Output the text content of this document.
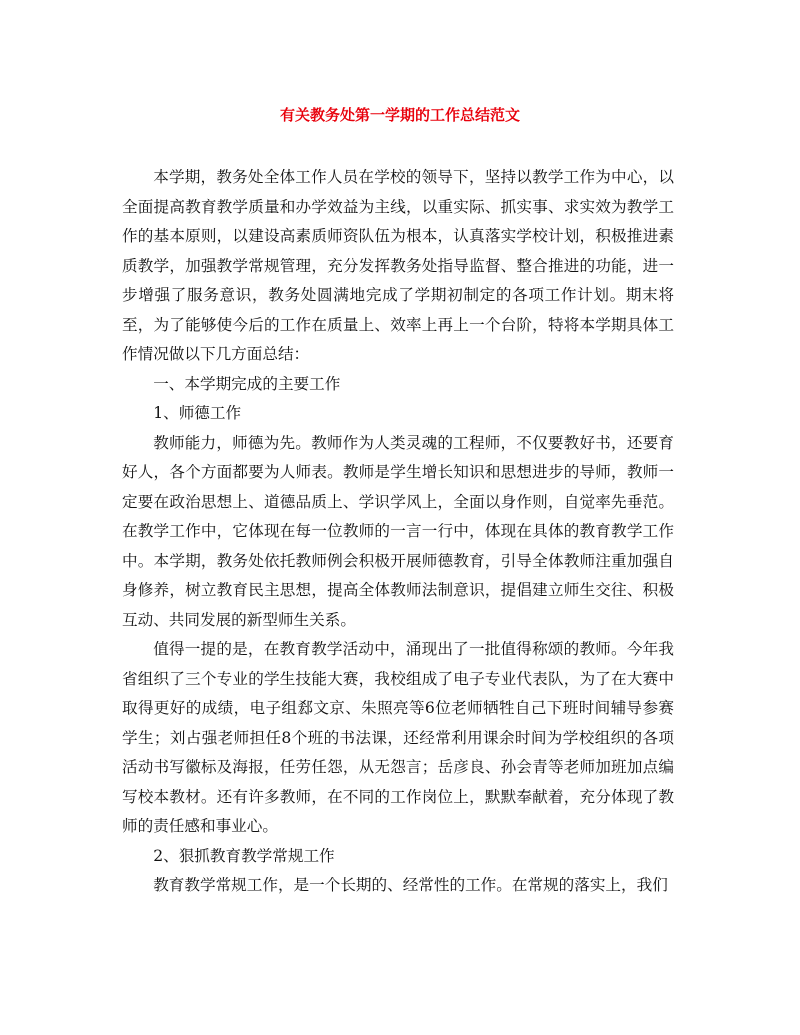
有关教务处第一学期的工作总结范文

本学期，教务处全体工作人员在学校的领导下，坚持以教学工作为中心，以全面提高教育教学质量和办学效益为主线，以重实际、抓实事、求实效为教学工作的基本原则，以建设高素质师资队伍为根本，认真落实学校计划，积极推进素质教学，加强教学常规管理，充分发挥教务处指导监督、整合推进的功能，进一步增强了服务意识，教务处圆满地完成了学期初制定的各项工作计划。期末将至，为了能够使今后的工作在质量上、效率上再上一个台阶，特将本学期具体工作情况做以下几方面总结：

一、本学期完成的主要工作

1、师德工作

教师能力，师德为先。教师作为人类灵魂的工程师，不仅要教好书，还要育好人，各个方面都要为人师表。教师是学生增长知识和思想进步的导师，教师一定要在政治思想上、道德品质上、学识学风上，全面以身作则，自觉率先垂范。在教学工作中，它体现在每一位教师的一言一行中，体现在具体的教育教学工作中。本学期，教务处依托教师例会积极开展师德教育，引导全体教师注重加强自身修养，树立教育民主思想，提高全体教师法制意识，提倡建立师生交往、积极互动、共同发展的新型师生关系。

值得一提的是，在教育教学活动中，涌现出了一批值得称颂的教师。今年我省组织了三个专业的学生技能大赛，我校组成了电子专业代表队，为了在大赛中取得更好的成绩，电子组郄文京、朱照亮等6位老师牺牲自己下班时间辅导参赛学生；刘占强老师担任8个班的书法课，还经常利用课余时间为学校组织的各项活动书写徽标及海报，任劳任怨，从无怨言；岳彦良、孙会青等老师加班加点编写校本教材。还有许多教师，在不同的工作岗位上，默默奉献着，充分体现了教师的责任感和事业心。

2、狠抓教育教学常规工作

教育教学常规工作，是一个长期的、经常性的工作。在常规的落实上，我们
